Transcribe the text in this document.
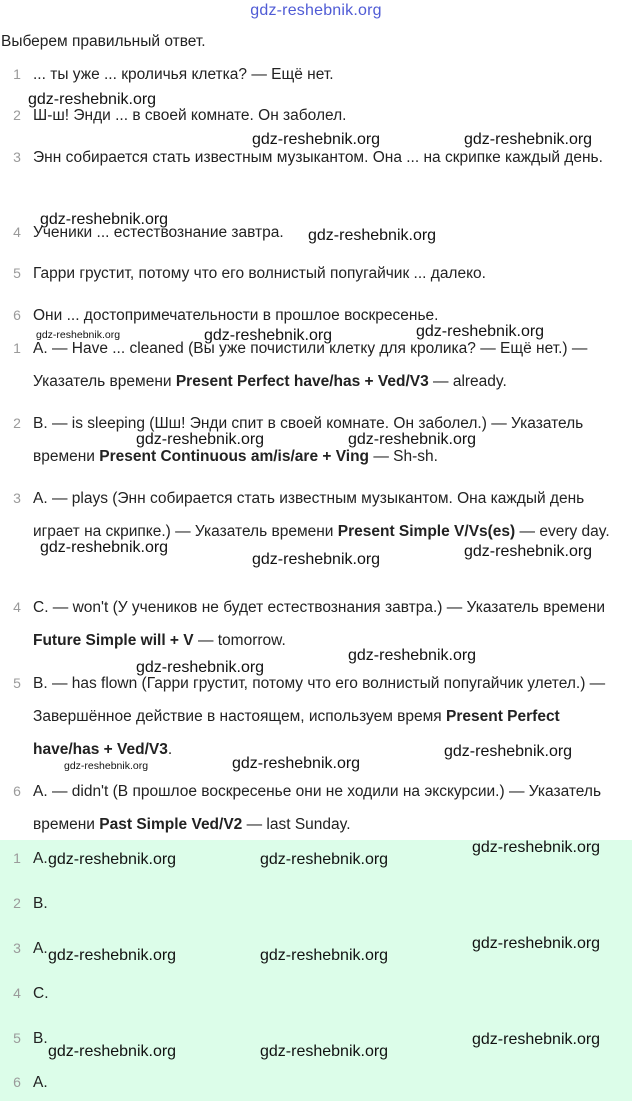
gdz-reshebnik.org
Выберем правильный ответ.
1 ... ты уже ... кроличья клетка? — Ещё нет.
2 Ш-ш! Энди ... в своей комнате. Он заболел.
3 Энн собирается стать известным музыкантом. Она ... на скрипке каждый день.
4 Ученики ... естествознание завтра.
5 Гарри грустит, потому что его волнистый попугайчик ... далеко.
6 Они ... достопримечательности в прошлое воскресенье.
1 A. — Have ... cleaned (Вы уже почистили клетку для кролика? — Ещё нет.) — Указатель времени Present Perfect have/has + Ved/V3 — already.
2 B. — is sleeping (Шш! Энди спит в своей комнате. Он заболел.) — Указатель времени Present Continuous am/is/are + Ving — Sh-sh.
3 A. — plays (Энн собирается стать известным музыкантом. Она каждый день играет на скрипке.) — Указатель времени Present Simple V/Vs(es) — every day.
4 C. — won't (У учеников не будет естествознания завтра.) — Указатель времени Future Simple will + V — tomorrow.
5 B. — has flown (Гарри грустит, потому что его волнистый попугайчик улетел.) — Завершённое действие в настоящем, используем время Present Perfect have/has + Ved/V3.
6 A. — didn't (В прошлое воскресенье они не ходили на экскурсии.) — Указатель времени Past Simple Ved/V2 — last Sunday.
1 A.
2 B.
3 A.
4 C.
5 B.
6 A.
gdz-reshebnik.org
gdz-reshebnik.org	gdz-reshebnik.org
gdz-reshebnik.org
gdz-reshebnik.org
gdz-reshebnik.org	gdz-reshebnik.org	gdz-reshebnik.org
gdz-reshebnik.org	gdz-reshebnik.org
gdz-reshebnik.org
gdz-reshebnik.org	gdz-reshebnik.org
gdz-reshebnik.org
gdz-reshebnik.org
gdz-reshebnik.org
gdz-reshebnik.org	gdz-reshebnik.org
gdz-reshebnik.org	gdz-reshebnik.org
gdz-reshebnik.org
gdz-reshebnik.org
gdz-reshebnik.org	gdz-reshebnik.org
gdz-reshebnik.org
gdz-reshebnik.org	gdz-reshebnik.org
